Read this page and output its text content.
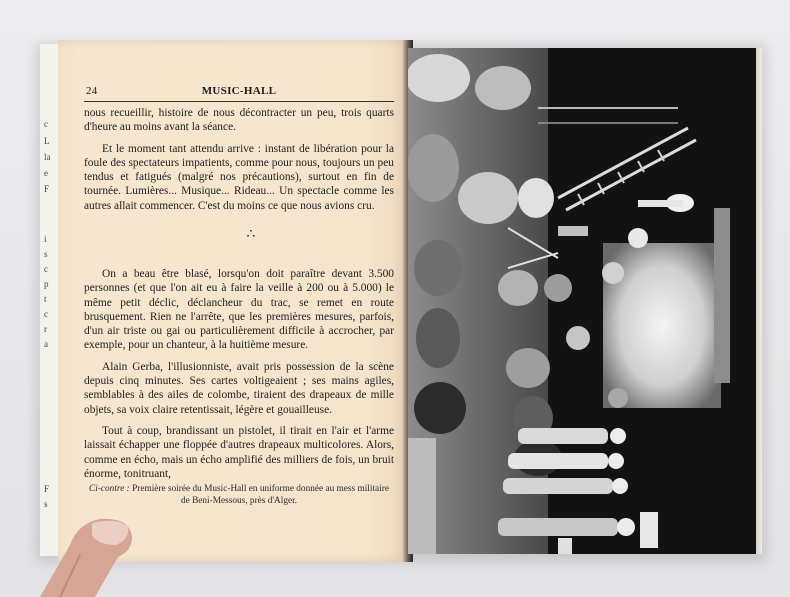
c
L
la
e
F
i
s
c
p
t
c
r
a
F
s
24	MUSIC-HALL

nous recueillir, histoire de nous décontracter un peu, trois quarts d'heure au moins avant la séance.

Et le moment tant attendu arrive : instant de libération pour la foule des spectateurs impatients, comme pour nous, toujours un peu tendus et fatigués (malgré nos précautions), surtout en fin de tournée. Lumières... Musique... Rideau... Un spectacle comme les autres allait commencer. C'est du moins ce que nous avions cru.

∴

On a beau être blasé, lorsqu'on doit paraître devant 3.500 personnes (et que l'on ait eu à faire la veille à 200 ou à 5.000) le même petit déclic, déclancheur du trac, se remet en route brusquement. Rien ne l'arrête, que les premières mesures, parfois, d'un air triste ou gai ou particulièrement difficile à accrocher, par exemple, pour un chanteur, à la huitième mesure.

Alain Gerba, l'illusionniste, avait pris possession de la scène depuis cinq minutes. Ses cartes voltigeaient ; ses mains agiles, semblables à des ailes de colombe, tiraient des drapeaux de mille objets, sa voix claire retentissait, légère et gouailleuse.

Tout à coup, brandissant un pistolet, il tirait en l'air et l'arme laissait échapper une floppée d'autres drapeaux multicolores. Alors, comme en écho, mais un écho amplifié des milliers de fois, un bruit énorme, tonitruant,

Ci-contre : Première soirée du Music-Hall en uniforme donnée au mess militaire de Beni-Messous, près d'Alger.
